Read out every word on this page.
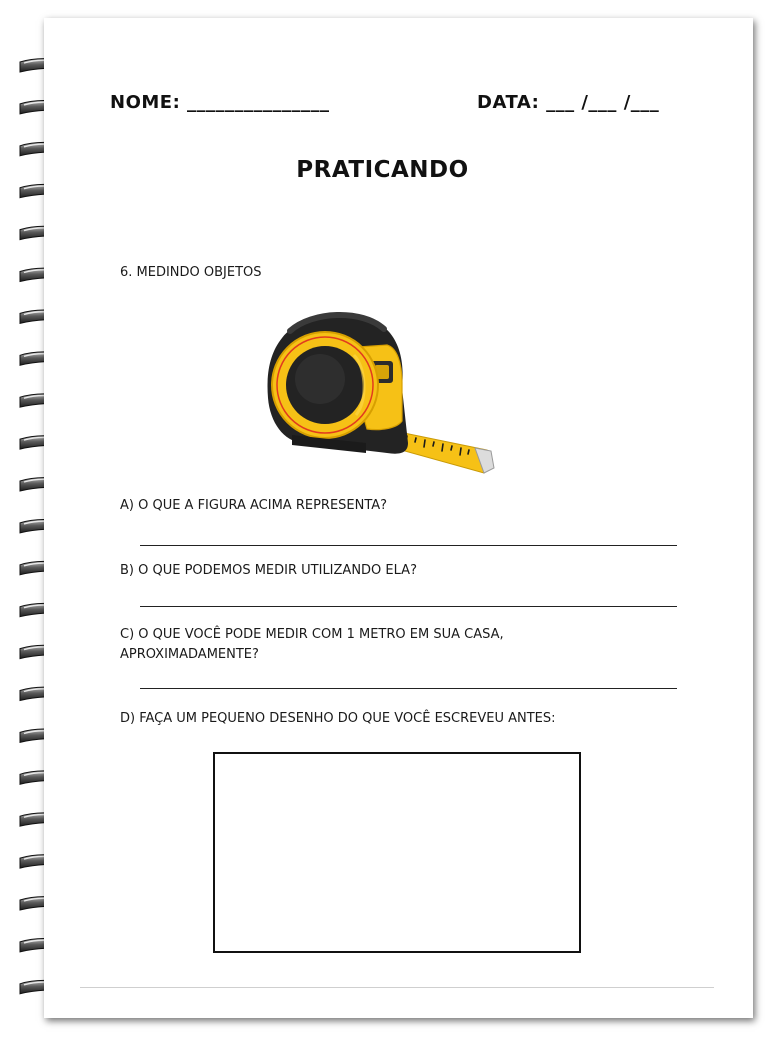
NOME: _______________	DATA: ___ /___ /___
PRATICANDO
6. MEDINDO OBJETOS
A) O QUE A FIGURA ACIMA REPRESENTA?
B) O QUE PODEMOS MEDIR UTILIZANDO ELA?
C) O QUE VOCÊ PODE MEDIR COM 1 METRO EM SUA CASA,
APROXIMADAMENTE?
D) FAÇA UM PEQUENO DESENHO DO QUE VOCÊ ESCREVEU ANTES:
